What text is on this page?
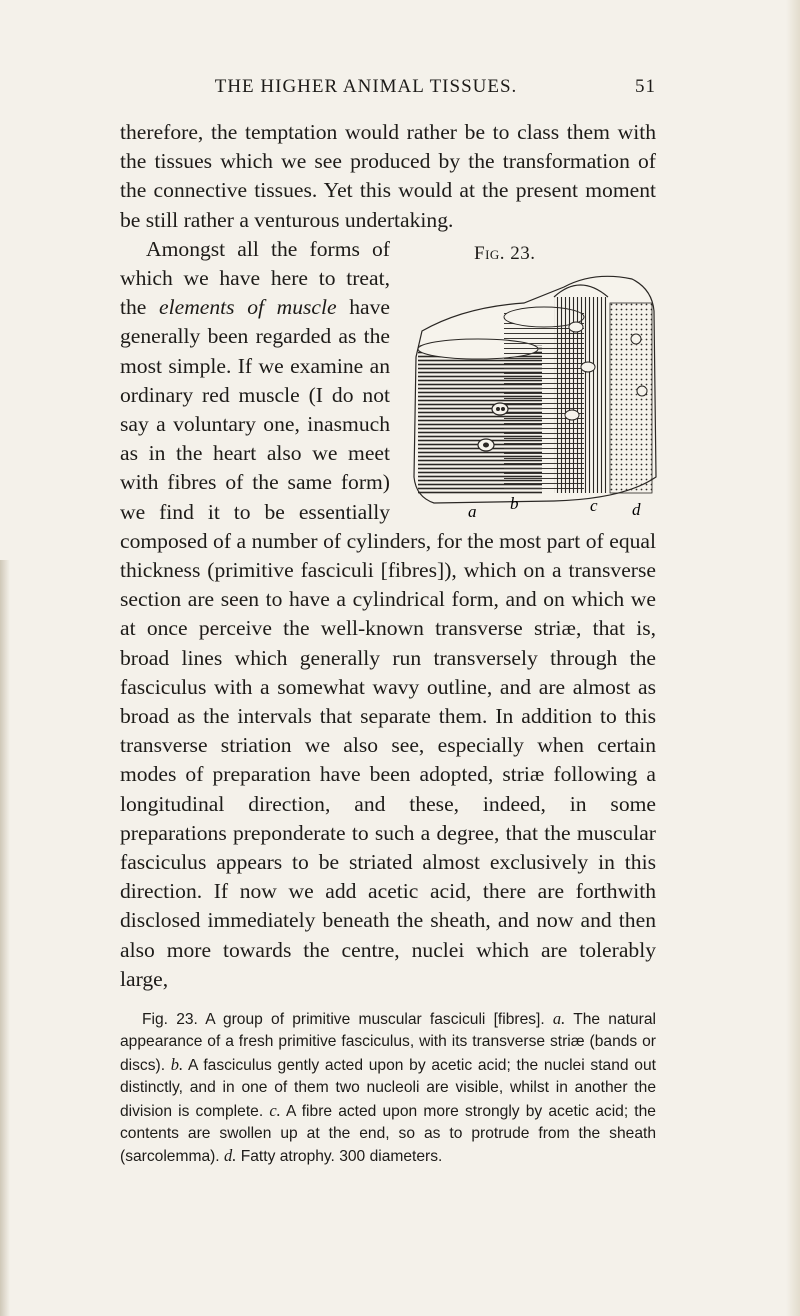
THE HIGHER ANIMAL TISSUES.	51

therefore, the temptation would rather be to class them with the tissues which we see produced by the transformation of the connective tissues. Yet this would at the present moment be still rather a venturous undertaking.

Fig. 23.
a b	c d

Amongst all the forms of which we have here to treat, the elements of muscle have generally been regarded as the most simple. If we examine an ordinary red muscle (I do not say a voluntary one, inasmuch as in the heart also we meet with fibres of the same form) we find it to be essentially composed of a number of cylinders, for the most part of equal thickness (primitive fasciculi [fibres]), which on a transverse section are seen to have a cylindrical form, and on which we at once perceive the well-known transverse striæ, that is, broad lines which generally run transversely through the fasciculus with a somewhat wavy outline, and are almost as broad as the intervals that separate them. In addition to this transverse striation we also see, especially when certain modes of preparation have been adopted, striæ following a longitudinal direction, and these, indeed, in some preparations preponderate to such a degree, that the muscular fasciculus appears to be striated almost exclusively in this direction. If now we add acetic acid, there are forthwith disclosed immediately beneath the sheath, and now and then also more towards the centre, nuclei which are tolerably large,

Fig. 23. A group of primitive muscular fasciculi [fibres]. a. The natural appearance of a fresh primitive fasciculus, with its transverse striæ (bands or discs). b. A fasciculus gently acted upon by acetic acid; the nuclei stand out distinctly, and in one of them two nucleoli are visible, whilst in another the division is complete. c. A fibre acted upon more strongly by acetic acid; the contents are swollen up at the end, so as to protrude from the sheath (sarcolemma). d. Fatty atrophy. 300 diameters.
